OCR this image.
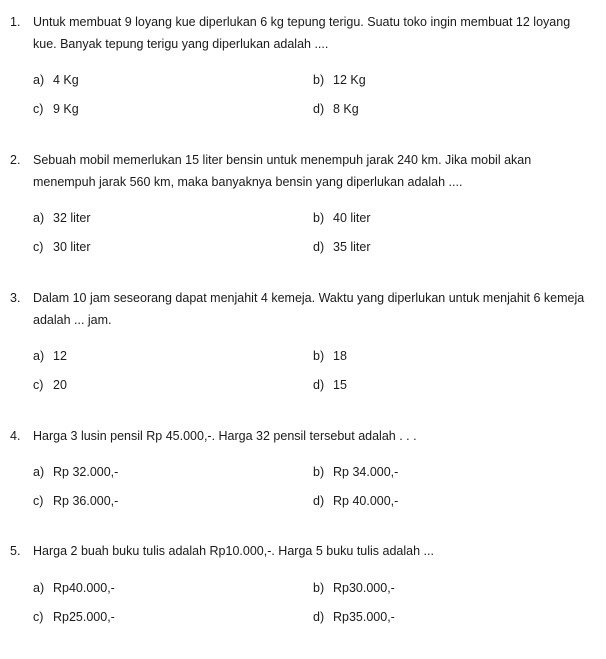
1. Untuk membuat 9 loyang kue diperlukan 6 kg tepung terigu. Suatu toko ingin membuat 12 loyang kue. Banyak tepung terigu yang diperlukan adalah ....
a) 4 Kg	b) 12 Kg
c) 9 Kg	d) 8 Kg
2. Sebuah mobil memerlukan 15 liter bensin untuk menempuh jarak 240 km. Jika mobil akan menempuh jarak 560 km, maka banyaknya bensin yang diperlukan adalah ....
a) 32 liter	b) 40 liter
c) 30 liter	d) 35 liter
3. Dalam 10 jam seseorang dapat menjahit 4 kemeja. Waktu yang diperlukan untuk menjahit 6 kemeja adalah ... jam.
a) 12	b) 18
c) 20	d) 15
4. Harga 3 lusin pensil Rp 45.000,-. Harga 32 pensil tersebut adalah . . .
a) Rp 32.000,-	b) Rp 34.000,-
c) Rp 36.000,-	d) Rp 40.000,-
5. Harga 2 buah buku tulis adalah Rp10.000,-. Harga 5 buku tulis adalah ...
a) Rp40.000,-	b) Rp30.000,-
c) Rp25.000,-	d) Rp35.000,-
